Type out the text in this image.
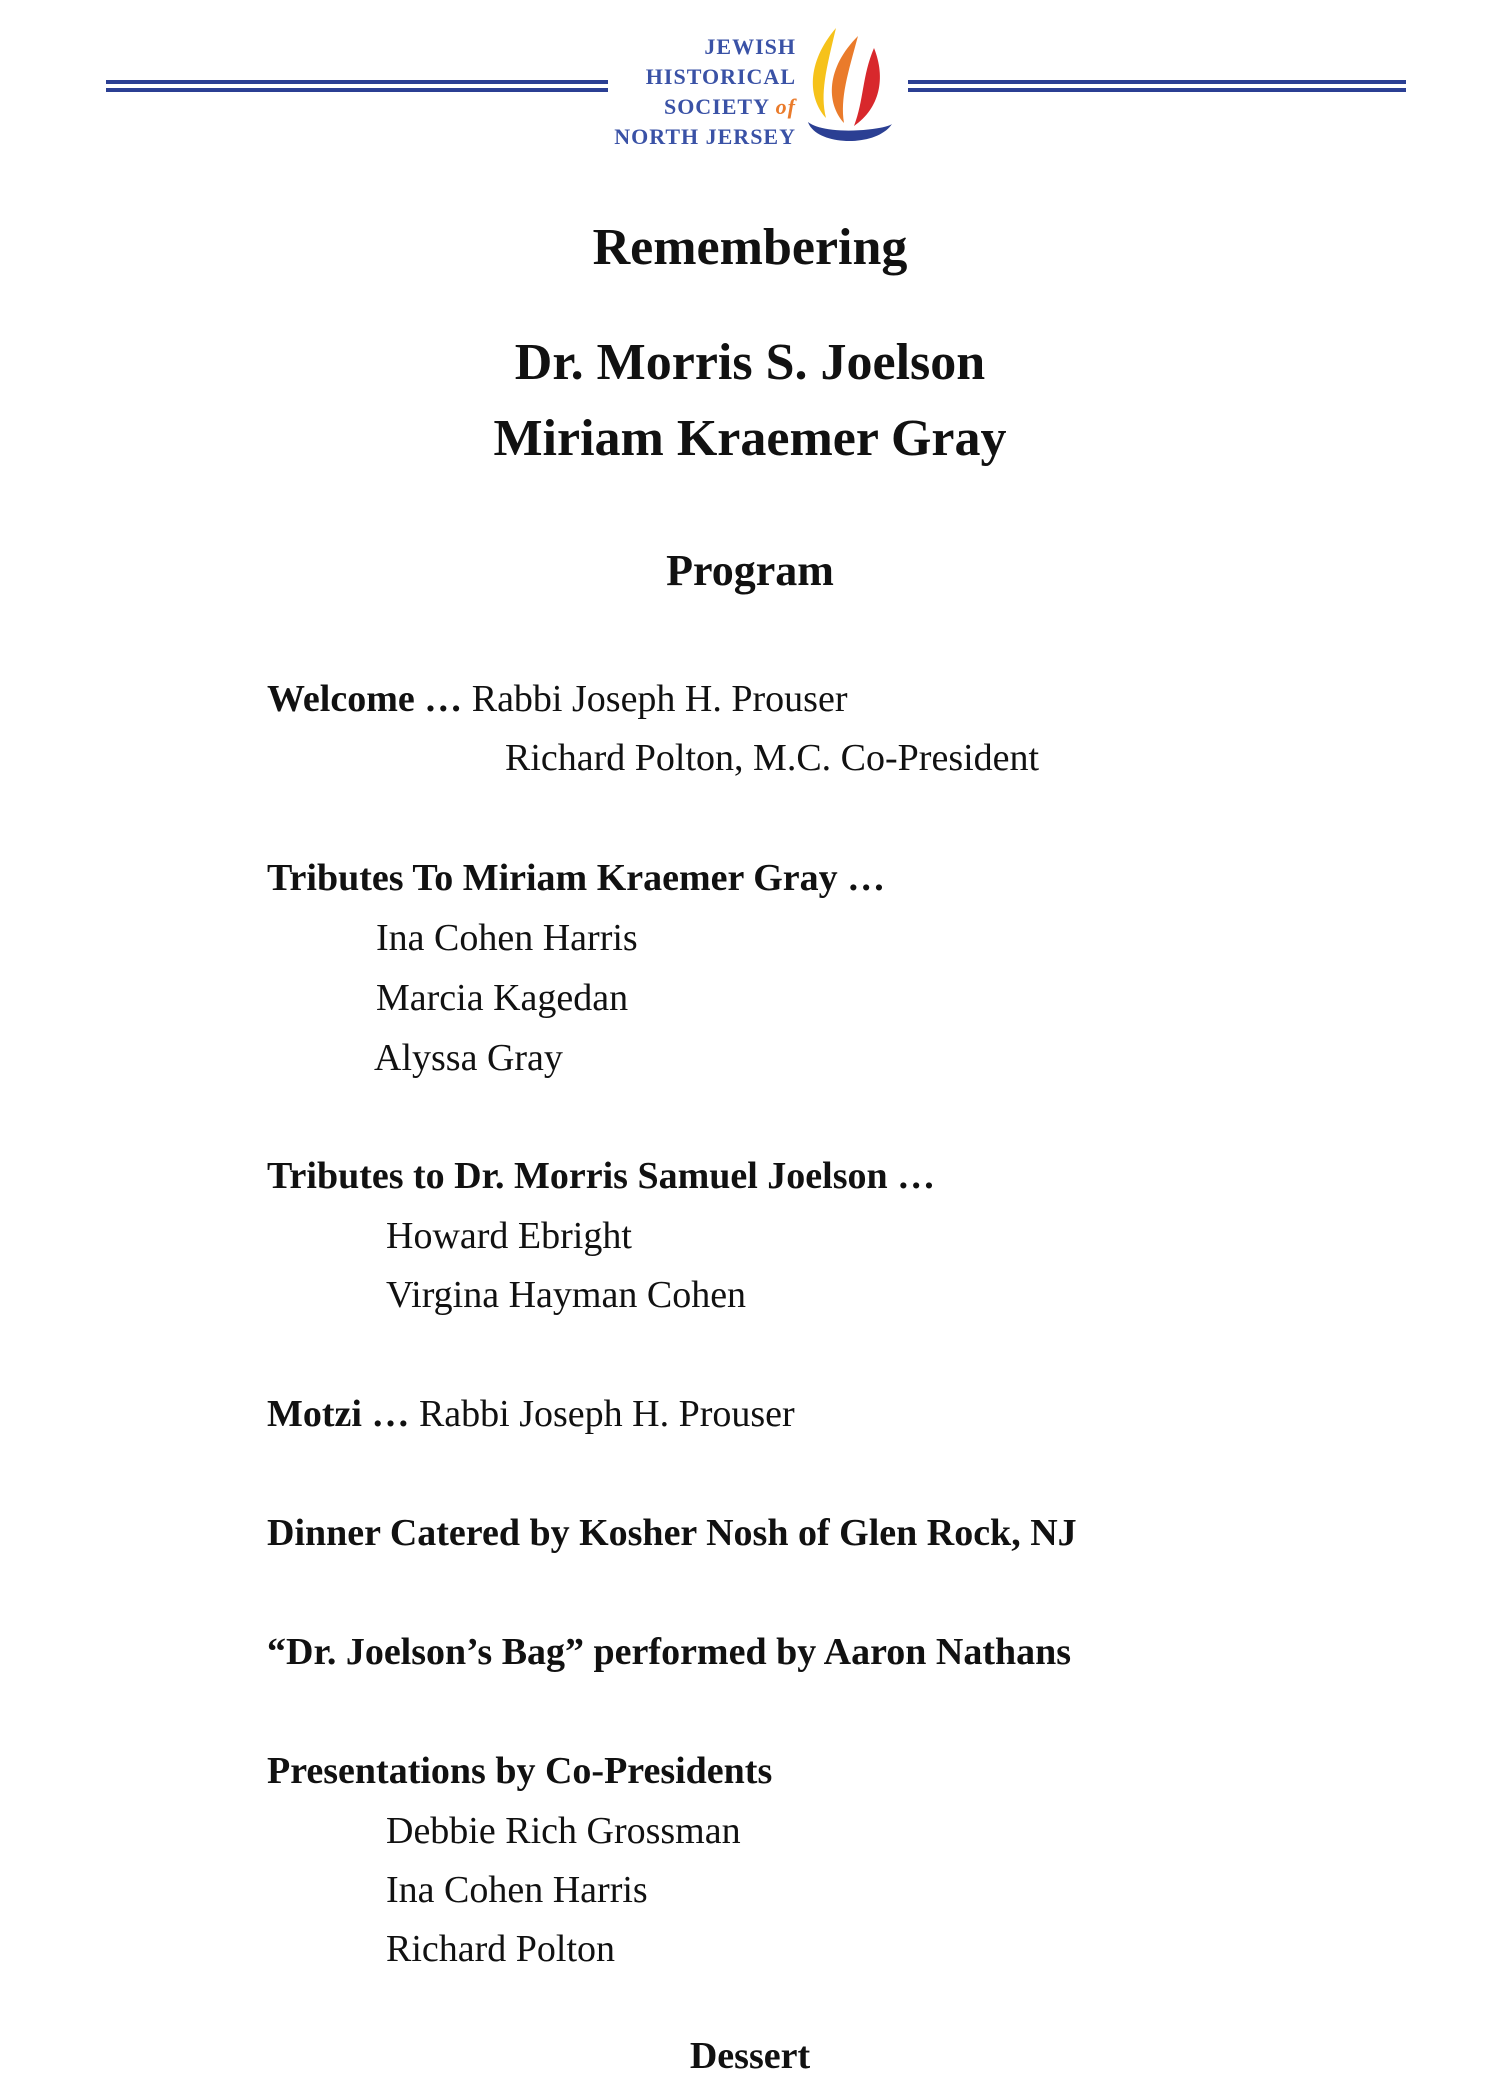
JEWISH
HISTORICAL
SOCIETY of
NORTH JERSEY
Remembering
Dr. Morris S. Joelson
Miriam Kraemer Gray
Program
Welcome … Rabbi Joseph H. Prouser
Richard Polton, M.C. Co-President
Tributes To Miriam Kraemer Gray …
Ina Cohen Harris
Marcia Kagedan
Alyssa Gray
Tributes to Dr. Morris Samuel Joelson …
Howard Ebright
Virgina Hayman Cohen
Motzi … Rabbi Joseph H. Prouser
Dinner Catered by Kosher Nosh of Glen Rock, NJ
“Dr. Joelson’s Bag” performed by Aaron Nathans
Presentations by Co-Presidents
Debbie Rich Grossman
Ina Cohen Harris
Richard Polton
Dessert
